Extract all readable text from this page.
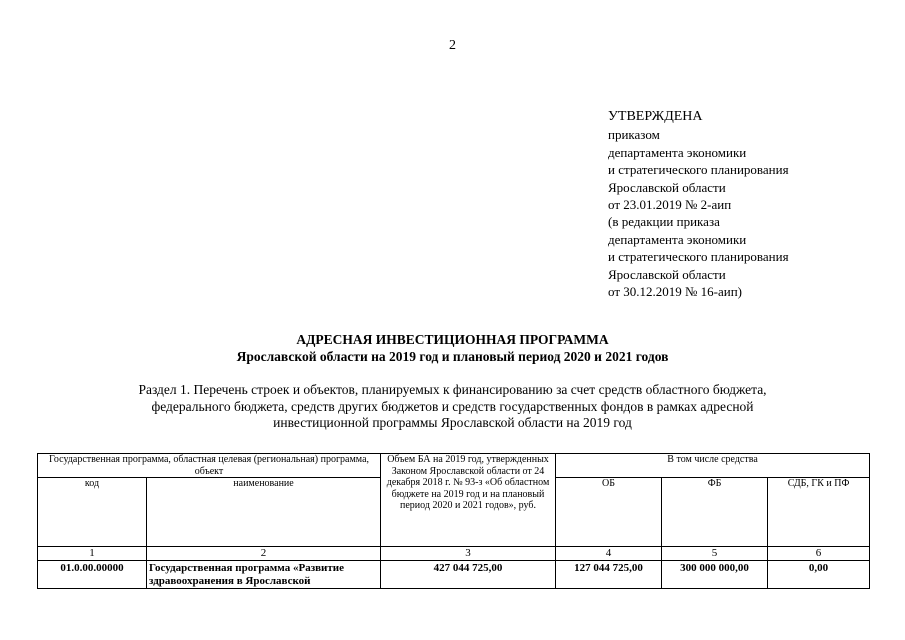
2
УТВЕРЖДЕНА
приказом
департамента экономики
и стратегического планирования
Ярославской области
от 23.01.2019 № 2-аип
(в редакции приказа
департамента экономики
и стратегического планирования
Ярославской области
от 30.12.2019 № 16-аип)
АДРЕСНАЯ ИНВЕСТИЦИОННАЯ ПРОГРАММА
Ярославской области на 2019 год и плановый период 2020 и 2021 годов
Раздел 1. Перечень строек и объектов, планируемых к финансированию за счет средств областного бюджета,
федерального бюджета, средств других бюджетов и средств государственных фондов в рамках адресной
инвестиционной программы Ярославской области на 2019 год
Государственная программа, областная целевая (региональная) программа, объект		Объем БА на 2019 год, утвержденных Законом Ярославской области от 24 декабря 2018 г. № 93-з «Об областном бюджете на 2019 год и на плановый период 2020 и 2021 годов», руб.	В том числе средства		
код	наименование		ОБ	ФБ	СДБ, ГК и ПФ
1	2	3	4	5	6
01.0.00.00000	Государственная программа «Развитие здравоохранения в Ярославской	427 044 725,00	127 044 725,00	300 000 000,00	0,00
